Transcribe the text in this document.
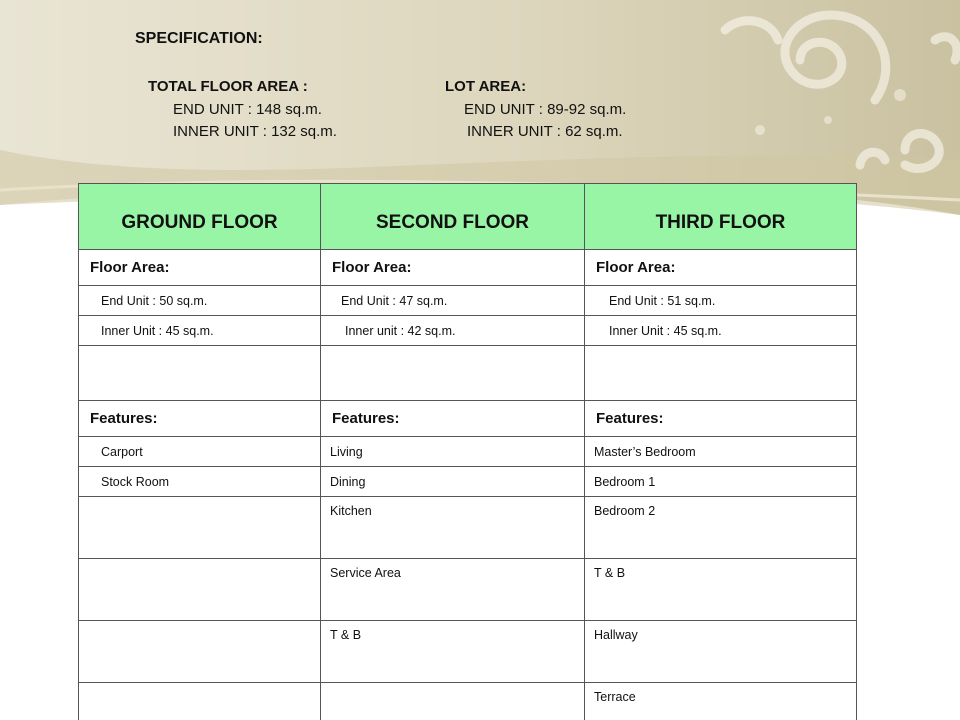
SPECIFICATION:
TOTAL FLOOR AREA :
END UNIT : 148 sq.m.
INNER UNIT : 132 sq.m.
LOT AREA:
END UNIT : 89-92 sq.m.
INNER UNIT : 62 sq.m.
GROUND FLOOR	SECOND FLOOR	THIRD FLOOR
Floor Area:	Floor Area:	Floor Area:
End Unit : 50 sq.m.	End Unit : 47 sq.m.	End Unit : 51 sq.m.
Inner Unit : 45 sq.m.	Inner unit : 42 sq.m.	Inner Unit : 45 sq.m.

Features:	Features:	Features:
Carport	Living	Master’s Bedroom
Stock Room	Dining	Bedroom 1
	Kitchen	Bedroom 2
	Service Area	T & B
	T & B	Hallway
		Terrace
